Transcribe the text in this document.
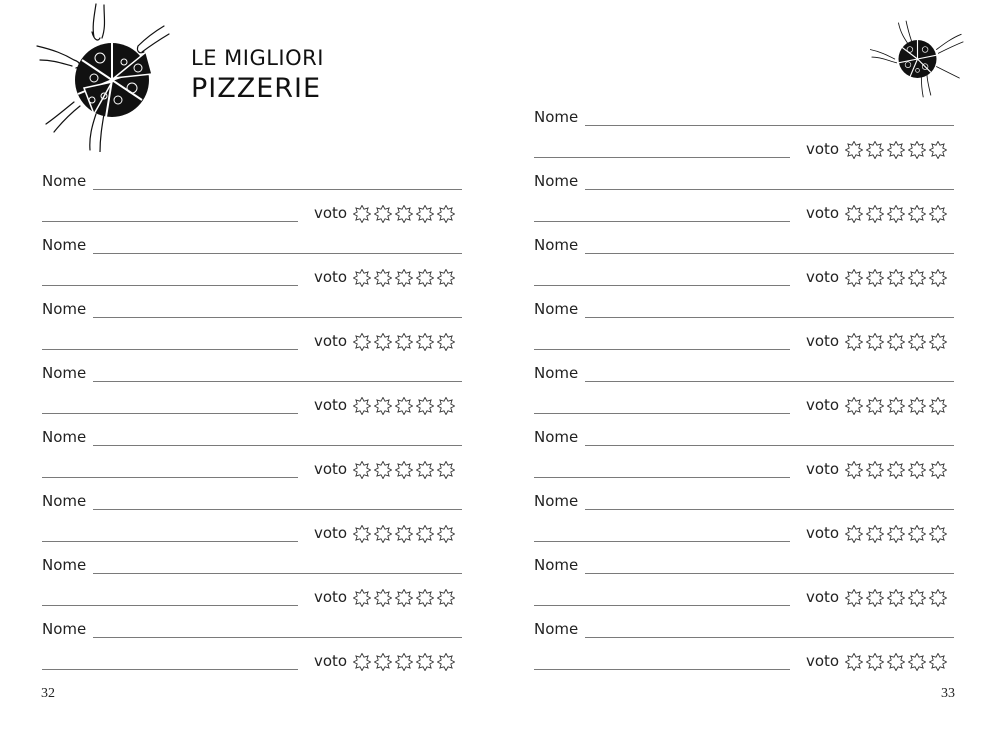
LE MIGLIORI
PIZZERIE
Nome
voto
Nome
voto
Nome
voto
Nome
voto
Nome
voto
Nome
voto
Nome
voto
Nome
voto
32
Nome
voto
Nome
voto
Nome
voto
Nome
voto
Nome
voto
Nome
voto
Nome
voto
Nome
voto
Nome
voto
33
